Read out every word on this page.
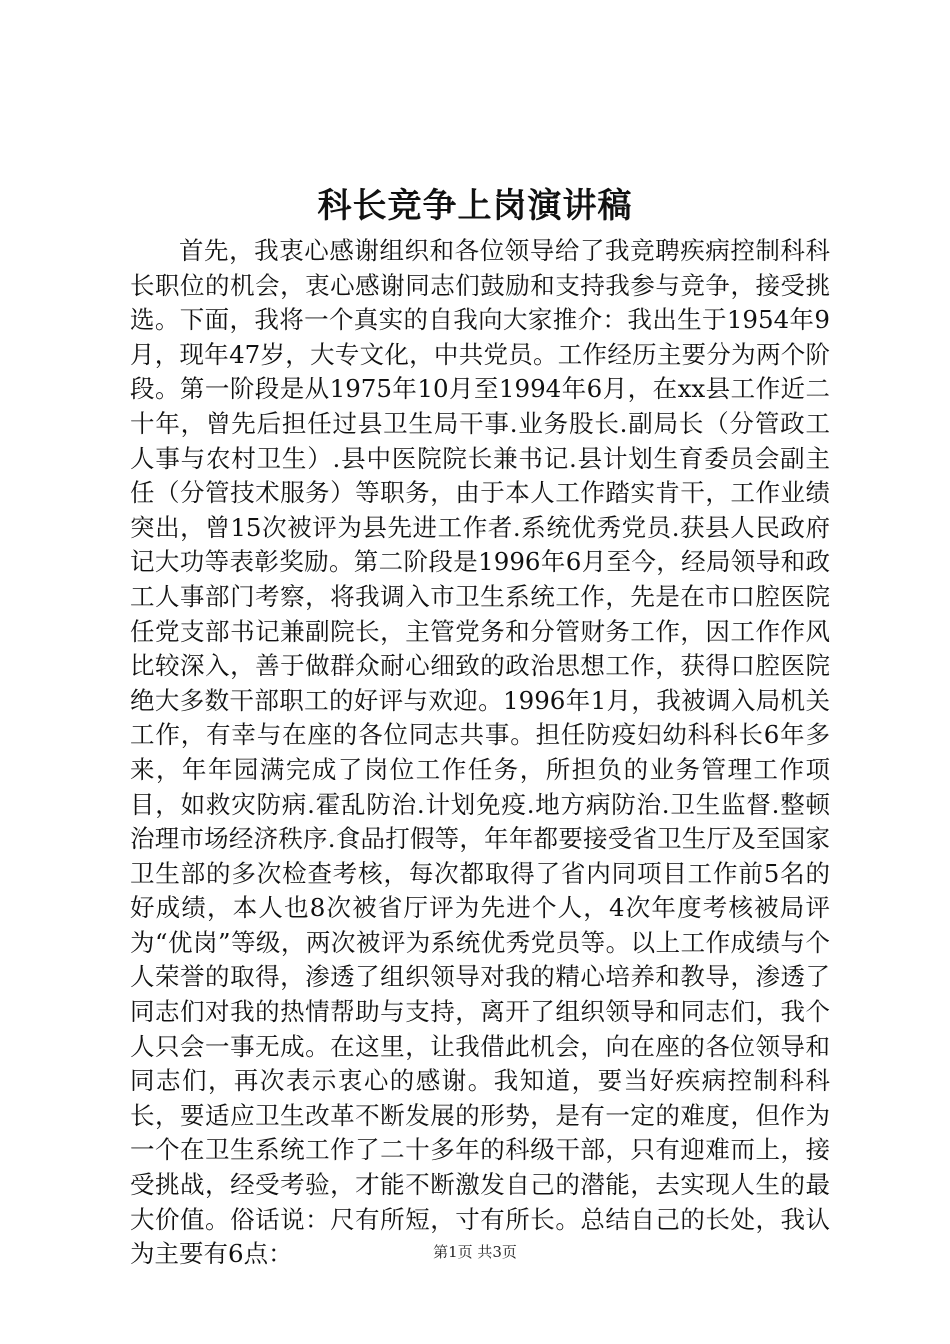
科长竞争上岗演讲稿

首先，我衷心感谢组织和各位领导给了我竞聘疾病控制科科长职位的机会，衷心感谢同志们鼓励和支持我参与竞争，接受挑选。下面，我将一个真实的自我向大家推介：我出生于1954年9月，现年47岁，大专文化，中共党员。工作经历主要分为两个阶段。第一阶段是从1975年10月至1994年6月，在xx县工作近二十年，曾先后担任过县卫生局干事.业务股长.副局长（分管政工人事与农村卫生）.县中医院院长兼书记.县计划生育委员会副主任（分管技术服务）等职务，由于本人工作踏实肯干，工作业绩突出，曾15次被评为县先进工作者.系统优秀党员.获县人民政府记大功等表彰奖励。第二阶段是1996年6月至今，经局领导和政工人事部门考察，将我调入市卫生系统工作，先是在市口腔医院任党支部书记兼副院长，主管党务和分管财务工作，因工作作风比较深入，善于做群众耐心细致的政治思想工作，获得口腔医院绝大多数干部职工的好评与欢迎。1996年1月，我被调入局机关工作，有幸与在座的各位同志共事。担任防疫妇幼科科长6年多来，年年园满完成了岗位工作任务，所担负的业务管理工作项目，如救灾防病.霍乱防治.计划免疫.地方病防治.卫生监督.整顿治理市场经济秩序.食品打假等，年年都要接受省卫生厅及至国家卫生部的多次检查考核，每次都取得了省内同项目工作前5名的好成绩，本人也8次被省厅评为先进个人，4次年度考核被局评为“优岗”等级，两次被评为系统优秀党员等。以上工作成绩与个人荣誉的取得，渗透了组织领导对我的精心培养和教导，渗透了同志们对我的热情帮助与支持，离开了组织领导和同志们，我个人只会一事无成。在这里，让我借此机会，向在座的各位领导和同志们，再次表示衷心的感谢。我知道，要当好疾病控制科科长，要适应卫生改革不断发展的形势，是有一定的难度，但作为一个在卫生系统工作了二十多年的科级干部，只有迎难而上，接受挑战，经受考验，才能不断激发自己的潜能，去实现人生的最大价值。俗话说：尺有所短，寸有所长。总结自己的长处，我认为主要有6点：	第1页 共3页
